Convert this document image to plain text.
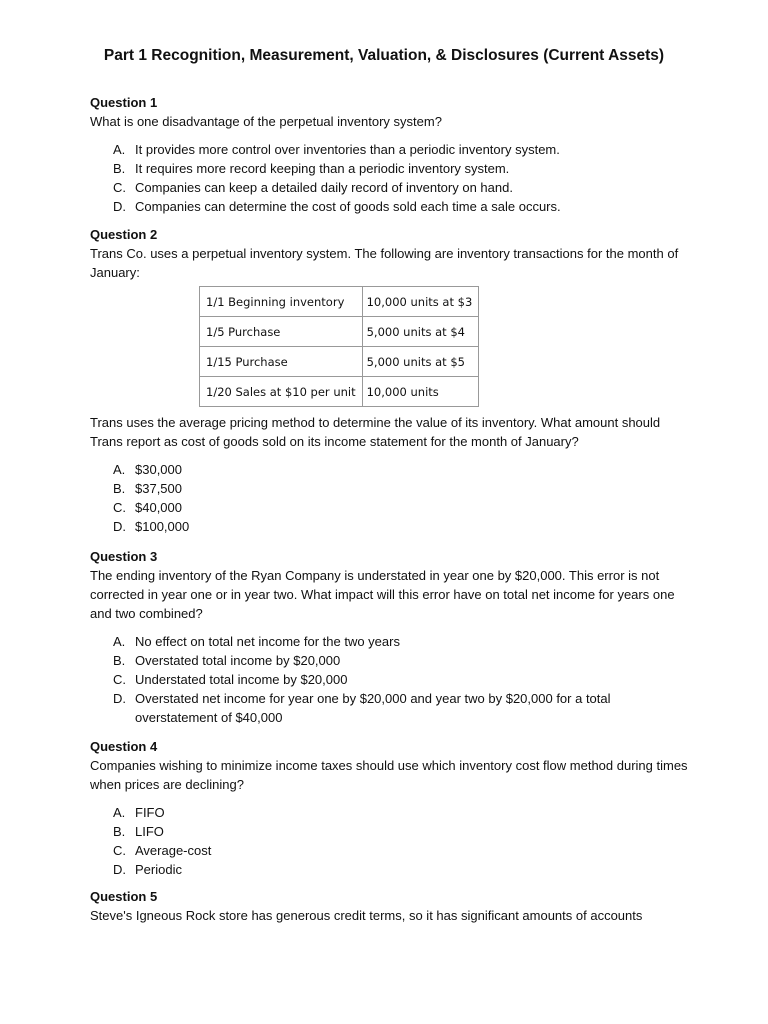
Part 1 Recognition, Measurement, Valuation, & Disclosures (Current Assets)
Question 1
What is one disadvantage of the perpetual inventory system?
A. It provides more control over inventories than a periodic inventory system.
B. It requires more record keeping than a periodic inventory system.
C. Companies can keep a detailed daily record of inventory on hand.
D. Companies can determine the cost of goods sold each time a sale occurs.
Question 2
Trans Co. uses a perpetual inventory system. The following are inventory transactions for the month of January:
1/1 Beginning inventory	10,000 units at $3
1/5 Purchase	5,000 units at $4
1/15 Purchase	5,000 units at $5
1/20 Sales at $10 per unit	10,000 units
Trans uses the average pricing method to determine the value of its inventory. What amount should Trans report as cost of goods sold on its income statement for the month of January?
A. $30,000
B. $37,500
C. $40,000
D. $100,000
Question 3
The ending inventory of the Ryan Company is understated in year one by $20,000. This error is not corrected in year one or in year two. What impact will this error have on total net income for years one and two combined?
A. No effect on total net income for the two years
B. Overstated total income by $20,000
C. Understated total income by $20,000
D. Overstated net income for year one by $20,000 and year two by $20,000 for a total overstatement of $40,000
Question 4
Companies wishing to minimize income taxes should use which inventory cost flow method during times when prices are declining?
A. FIFO
B. LIFO
C. Average-cost
D. Periodic
Question 5
Steve's Igneous Rock store has generous credit terms, so it has significant amounts of accounts
